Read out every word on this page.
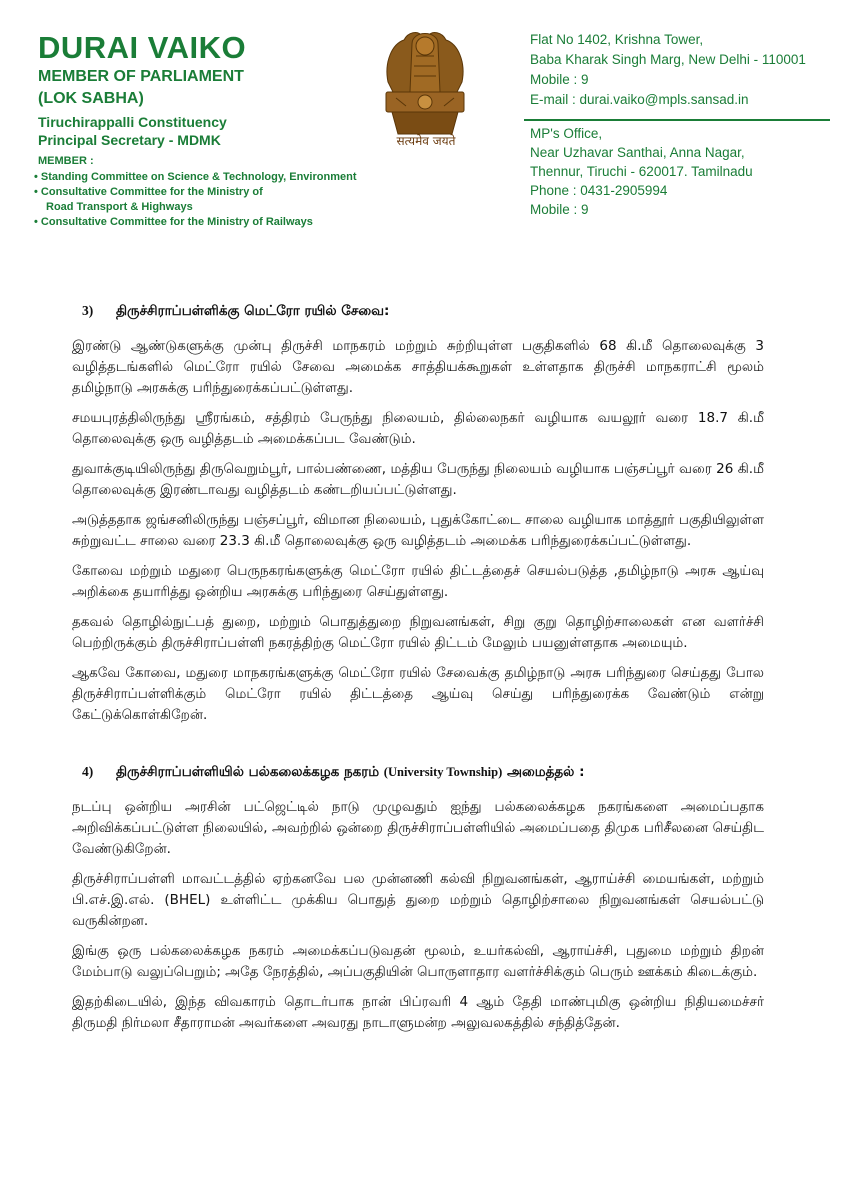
DURAI VAIKO
MEMBER OF PARLIAMENT
(LOK SABHA)
Tiruchirappalli Constituency
Principal Secretary - MDMK
MEMBER :
• Standing Committee on Science & Technology, Environment
• Consultative Committee for the Ministry of
Road Transport & Highways
• Consultative Committee for the Ministry of Railways
सत्यमेव जयते
Flat No 1402, Krishna Tower,
Baba Kharak Singh Marg, New Delhi - 110001
Mobile : 9
E-mail : durai.vaiko@mpls.sansad.in
MP's Office,
Near Uzhavar Santhai, Anna Nagar,
Thennur, Tiruchi - 620017. Tamilnadu
Phone : 0431-2905994
Mobile : 9
3) திருச்சிராப்பள்ளிக்கு மெட்ரோ ரயில் சேவை:

இரண்டு ஆண்டுகளுக்கு முன்பு திருச்சி மாநகரம் மற்றும் சுற்றியுள்ள பகுதிகளில் 68 கி.மீ தொலைவுக்கு 3 வழித்தடங்களில் மெட்ரோ ரயில் சேவை அமைக்க சாத்தியக்கூறுகள் உள்ளதாக திருச்சி மாநகராட்சி மூலம் தமிழ்நாடு அரசுக்கு பரிந்துரைக்கப்பட்டுள்ளது.

சமயபுரத்திலிருந்து ஸ்ரீரங்கம், சத்திரம் பேருந்து நிலையம், தில்லைநகர் வழியாக வயலூர் வரை 18.7 கி.மீ தொலைவுக்கு ஒரு வழித்தடம் அமைக்கப்பட வேண்டும்.

துவாக்குடியிலிருந்து திருவெறும்பூர், பால்பண்ணை, மத்திய பேருந்து நிலையம் வழியாக பஞ்சப்பூர் வரை 26 கி.மீ தொலைவுக்கு இரண்டாவது வழித்தடம் கண்டறியப்பட்டுள்ளது.

அடுத்ததாக ஜங்சனிலிருந்து பஞ்சப்பூர், விமான நிலையம், புதுக்கோட்டை சாலை வழியாக மாத்தூர் பகுதியிலுள்ள சுற்றுவட்ட சாலை வரை 23.3 கி.மீ தொலைவுக்கு ஒரு வழித்தடம் அமைக்க பரிந்துரைக்கப்பட்டுள்ளது.

கோவை மற்றும் மதுரை பெருநகரங்களுக்கு மெட்ரோ ரயில் திட்டத்தைச் செயல்படுத்த ,தமிழ்நாடு அரசு ஆய்வு அறிக்கை தயாரித்து ஒன்றிய அரசுக்கு பரிந்துரை செய்துள்ளது.

தகவல் தொழில்நுட்பத் துறை, மற்றும் பொதுத்துறை நிறுவனங்கள், சிறு குறு தொழிற்சாலைகள் என வளர்ச்சி பெற்றிருக்கும் திருச்சிராப்பள்ளி நகரத்திற்கு மெட்ரோ ரயில் திட்டம் மேலும் பயனுள்ளதாக அமையும்.

ஆகவே கோவை, மதுரை மாநகரங்களுக்கு மெட்ரோ ரயில் சேவைக்கு தமிழ்நாடு அரசு பரிந்துரை செய்தது போல திருச்சிராப்பள்ளிக்கும் மெட்ரோ ரயில் திட்டத்தை ஆய்வு செய்து பரிந்துரைக்க வேண்டும் என்று கேட்டுக்கொள்கிறேன்.

4) திருச்சிராப்பள்ளியில் பல்கலைக்கழக நகரம் (University Township) அமைத்தல் :

நடப்பு ஒன்றிய அரசின் பட்ஜெட்டில் நாடு முழுவதும் ஐந்து பல்கலைக்கழக நகரங்களை அமைப்பதாக அறிவிக்கப்பட்டுள்ள நிலையில், அவற்றில் ஒன்றை திருச்சிராப்பள்ளியில் அமைப்பதை திமுக பரிசீலனை செய்திட வேண்டுகிறேன்.

திருச்சிராப்பள்ளி மாவட்டத்தில் ஏற்கனவே பல முன்னணி கல்வி நிறுவனங்கள், ஆராய்ச்சி மையங்கள், மற்றும் பி.எச்.இ.எல். (BHEL) உள்ளிட்ட முக்கிய பொதுத் துறை மற்றும் தொழிற்சாலை நிறுவனங்கள் செயல்பட்டு வருகின்றன.

இங்கு ஒரு பல்கலைக்கழக நகரம் அமைக்கப்படுவதன் மூலம், உயர்கல்வி, ஆராய்ச்சி, புதுமை மற்றும் திறன் மேம்பாடு வலுப்பெறும்; அதே நேரத்தில், அப்பகுதியின் பொருளாதார வளர்ச்சிக்கும் பெரும் ஊக்கம் கிடைக்கும்.

இதற்கிடையில், இந்த விவகாரம் தொடர்பாக நான் பிப்ரவரி 4 ஆம் தேதி மாண்புமிகு ஒன்றிய நிதியமைச்சர் திருமதி நிர்மலா சீதாராமன் அவர்களை அவரது நாடாளுமன்ற அலுவலகத்தில் சந்தித்தேன்.
